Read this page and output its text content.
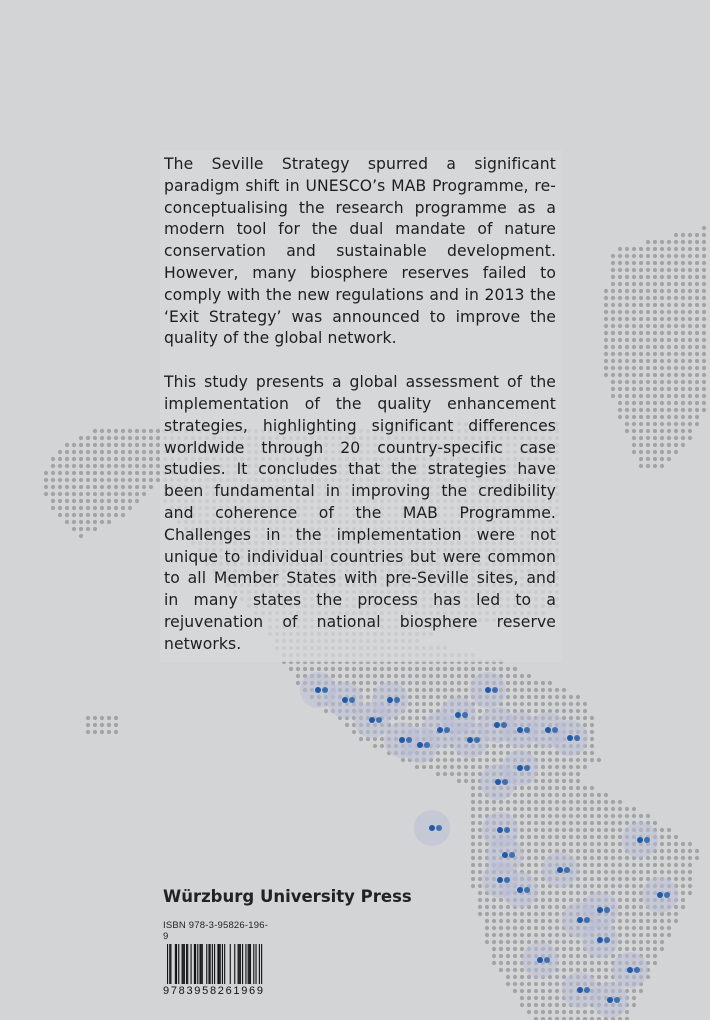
The Seville Strategy spurred a significant paradigm shift in UNESCO’s MAB Programme, re-conceptualising the research programme as a modern tool for the dual mandate of nature conservation and sustainable development. However, many biosphere reserves failed to comply with the new regulations and in 2013 the ‘Exit Strategy’ was announced to improve the quality of the global network.

This study presents a global assessment of the implementation of the quality enhancement strategies, highlighting significant differences worldwide through 20 country-specific case studies. It concludes that the strategies have been fundamental in improving the credibility and coherence of the MAB Programme. Challenges in the implementation were not unique to individual countries but were common to all Member States with pre-Seville sites, and in many states the process has led to a rejuvenation of national biosphere reserve networks.

Würzburg University Press
ISBN 978-3-95826-196-9
9783958261969
